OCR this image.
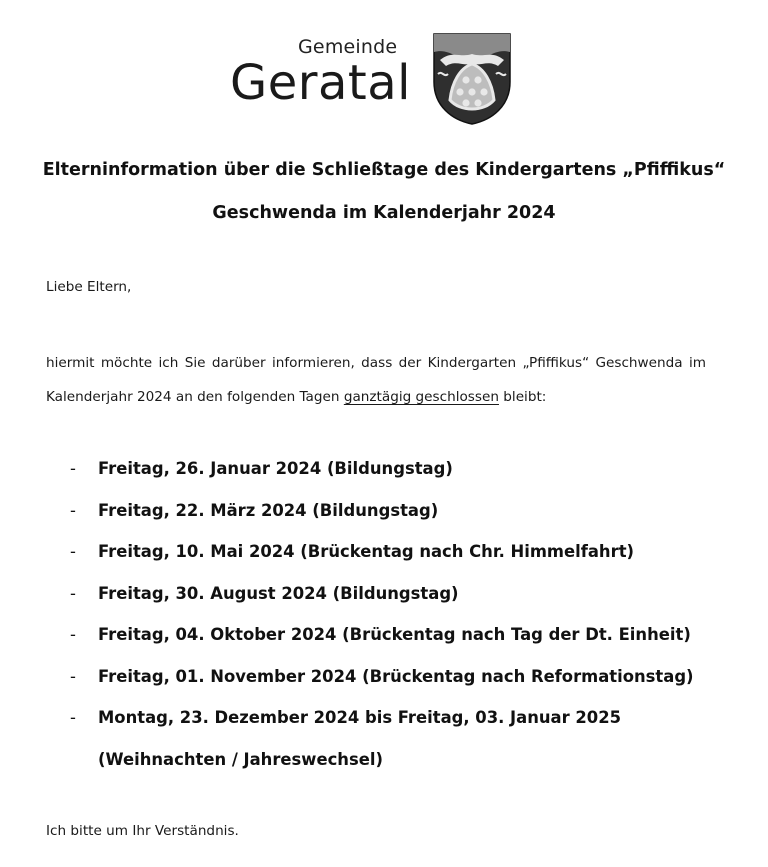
Gemeinde
Geratal
Elterninformation über die Schließtage des Kindergartens „Pfiffikus“
Geschwenda im Kalenderjahr 2024
Liebe Eltern,
hiermit möchte ich Sie darüber informieren, dass der Kindergarten „Pfiffikus“ Geschwenda im Kalenderjahr 2024 an den folgenden Tagen ganztägig geschlossen bleibt:
- Freitag, 26. Januar 2024 (Bildungstag)
- Freitag, 22. März 2024 (Bildungstag)
- Freitag, 10. Mai 2024 (Brückentag nach Chr. Himmelfahrt)
- Freitag, 30. August 2024 (Bildungstag)
- Freitag, 04. Oktober 2024 (Brückentag nach Tag der Dt. Einheit)
- Freitag, 01. November 2024 (Brückentag nach Reformationstag)
- Montag, 23. Dezember 2024 bis Freitag, 03. Januar 2025 (Weihnachten / Jahreswechsel)
Ich bitte um Ihr Verständnis.
